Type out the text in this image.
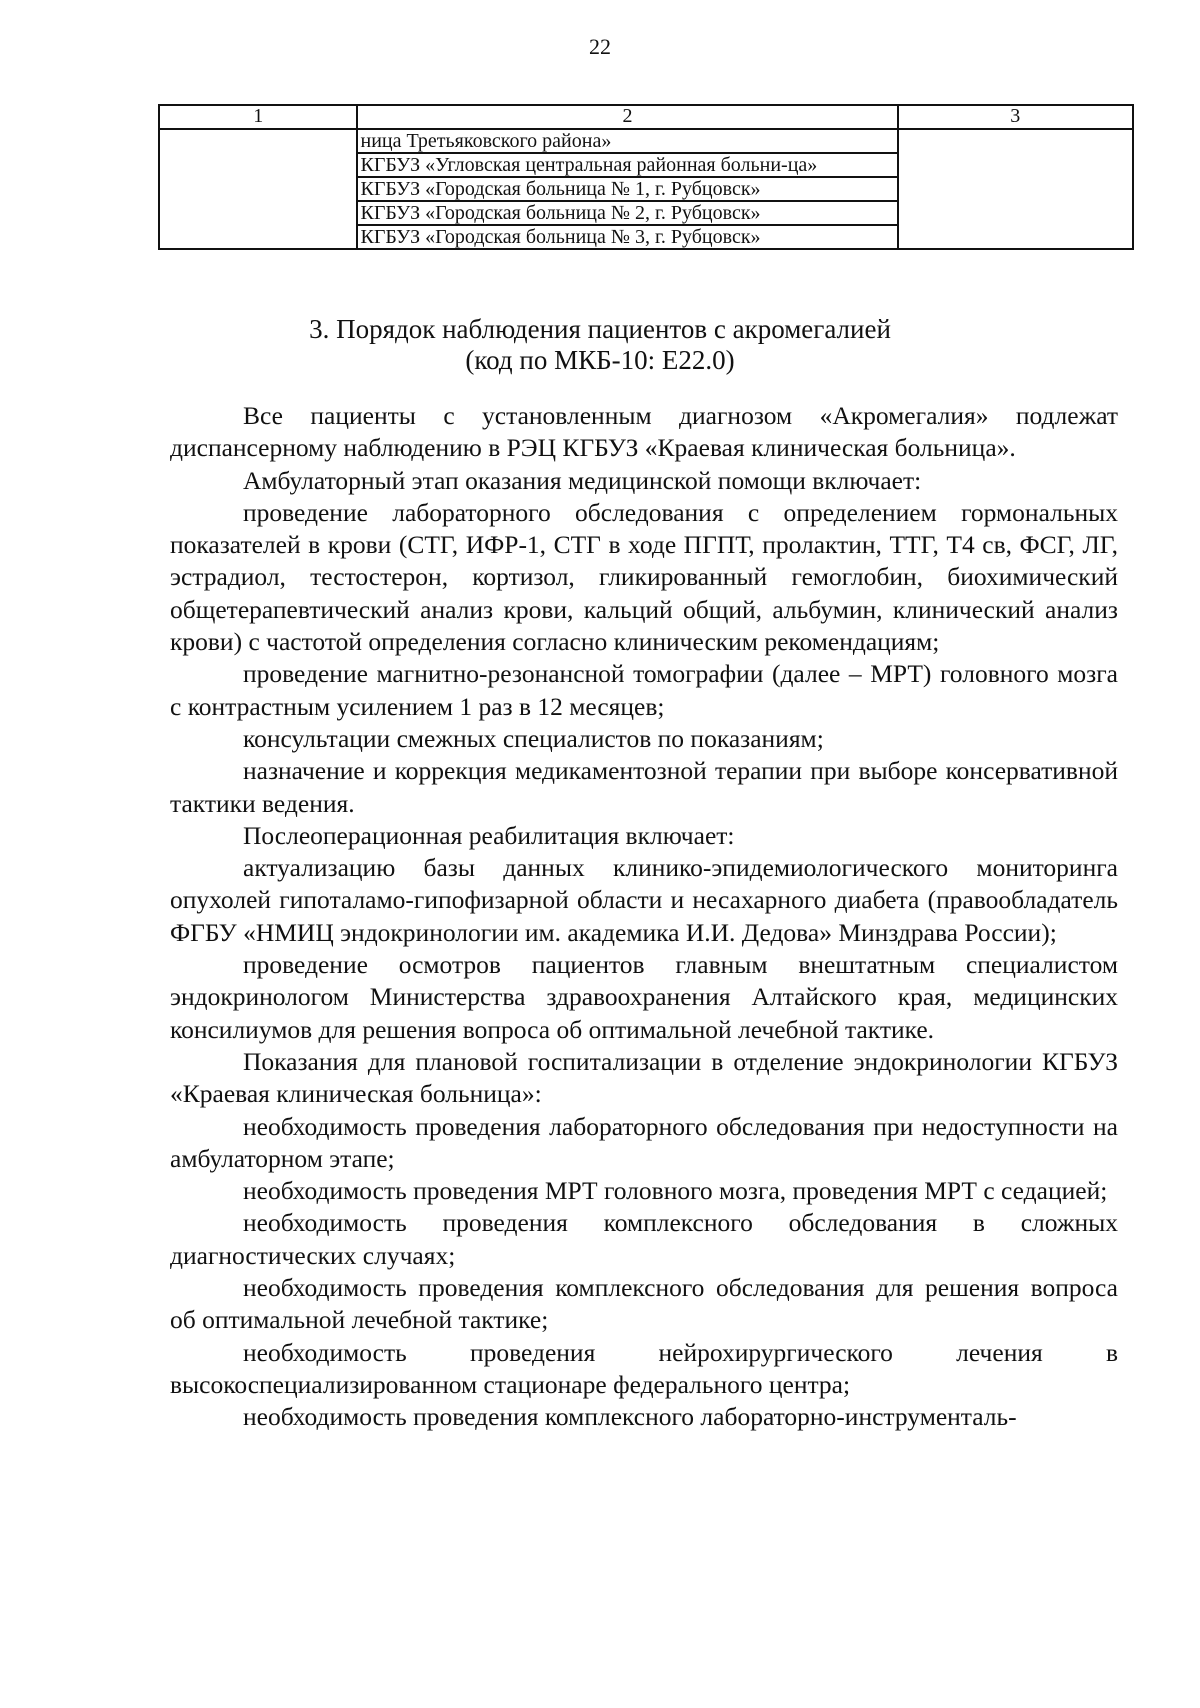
22
1	2	3

ница Третьяковского района»
КГБУЗ «Угловская центральная районная больни-ца»
КГБУЗ «Городская больница № 1, г. Рубцовск»
КГБУЗ «Городская больница № 2, г. Рубцовск»
КГБУЗ «Городская больница № 3, г. Рубцовск»

3. Порядок наблюдения пациентов с акромегалией
(код по МКБ-10: E22.0)

Все пациенты с установленным диагнозом «Акромегалия» подлежат диспансерному наблюдению в РЭЦ КГБУЗ «Краевая клиническая больница».

Амбулаторный этап оказания медицинской помощи включает:

проведение лабораторного обследования с определением гормональных показателей в крови (СТГ, ИФР-1, СТГ в ходе ПГПТ, пролактин, ТТГ, Т4 св, ФСГ, ЛГ, эстрадиол, тестостерон, кортизол, гликированный гемоглобин, биохимический общетерапевтический анализ крови, кальций общий, альбумин, клинический анализ крови) с частотой определения согласно клиническим рекомендациям;

проведение магнитно-резонансной томографии (далее – МРТ) головного мозга с контрастным усилением 1 раз в 12 месяцев;

консультации смежных специалистов по показаниям;

назначение и коррекция медикаментозной терапии при выборе консервативной тактики ведения.

Послеоперационная реабилитация включает:

актуализацию базы данных клинико-эпидемиологического мониторинга опухолей гипоталамо-гипофизарной области и несахарного диабета (правообладатель ФГБУ «НМИЦ эндокринологии им. академика И.И. Дедова» Минздрава России);

проведение осмотров пациентов главным внештатным специалистом эндокринологом Министерства здравоохранения Алтайского края, медицинских консилиумов для решения вопроса об оптимальной лечебной тактике.

Показания для плановой госпитализации в отделение эндокринологии КГБУЗ «Краевая клиническая больница»:

необходимость проведения лабораторного обследования при недоступности на амбулаторном этапе;

необходимость проведения МРТ головного мозга, проведения МРТ с седацией;

необходимость проведения комплексного обследования в сложных диагностических случаях;

необходимость проведения комплексного обследования для решения вопроса об оптимальной лечебной тактике;

необходимость проведения нейрохирургического лечения в высокоспециализированном стационаре федерального центра;

необходимость проведения комплексного лабораторно-инструменталь-
